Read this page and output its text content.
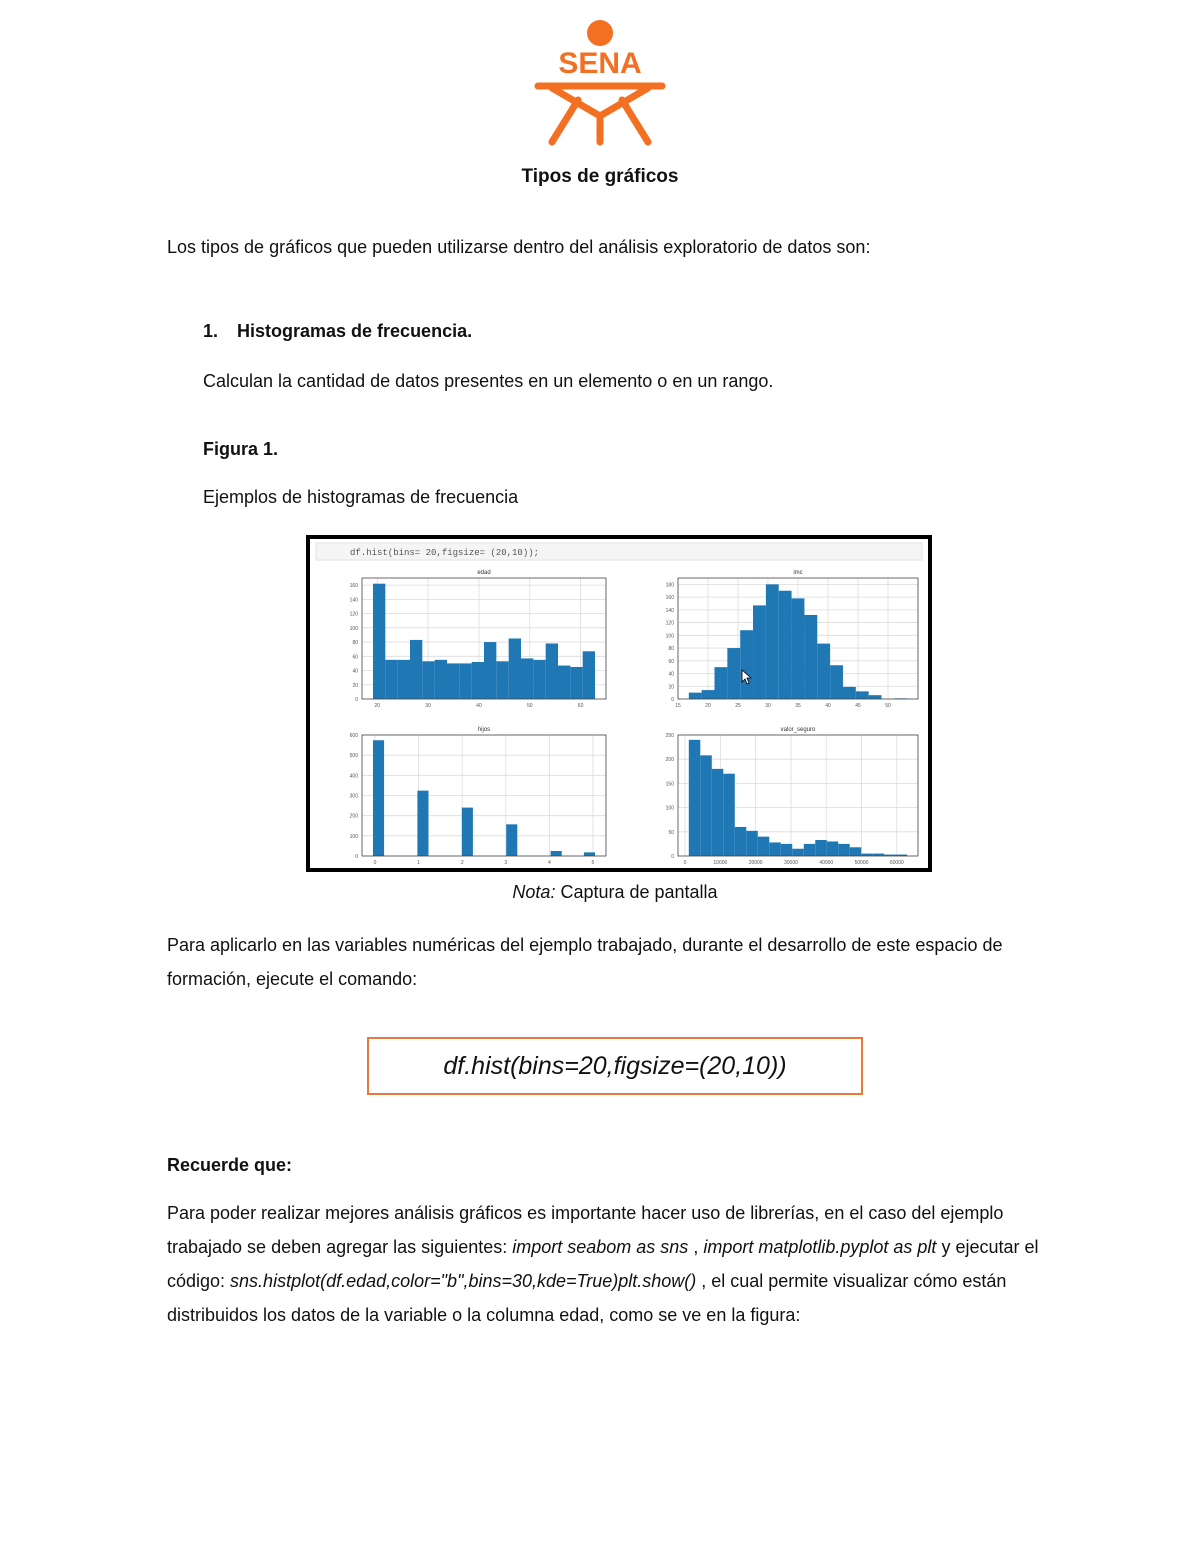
SENA
Tipos de gráficos
Los tipos de gráficos que pueden utilizarse dentro del análisis exploratorio de datos son:
1. Histogramas de frecuencia.
Calculan la cantidad de datos presentes en un elemento o en un rango.
Figura 1.
Ejemplos de histogramas de frecuencia
df.hist(bins= 20,figsize= (20,10));
0
20
40
60
80
100
120
140
160
20	30	40	50	60
edad
0
20
40
60
80
100
120
140
160
180
15	20	25	30	35	40	45	50
imc
0
100
200
300
400
500
600
0	1	2	3	4	5
hijos
0
50
100
150
200
250
0	10000	20000	30000	40000	50000	60000
valor_seguro
Nota: Captura de pantalla
Para aplicarlo en las variables numéricas del ejemplo trabajado, durante el desarrollo de este espacio de formación, ejecute el comando:
df.hist(bins=20,figsize=(20,10))
Recuerde que:
Para poder realizar mejores análisis gráficos es importante hacer uso de librerías, en el caso del ejemplo trabajado se deben agregar las siguientes: import seabom as sns , import matplotlib.pyplot as plt y ejecutar el código: sns.histplot(df.edad,color="b",bins=30,kde=True)plt.show() , el cual permite visualizar cómo están distribuidos los datos de la variable o la columna edad, como se ve en la figura:
